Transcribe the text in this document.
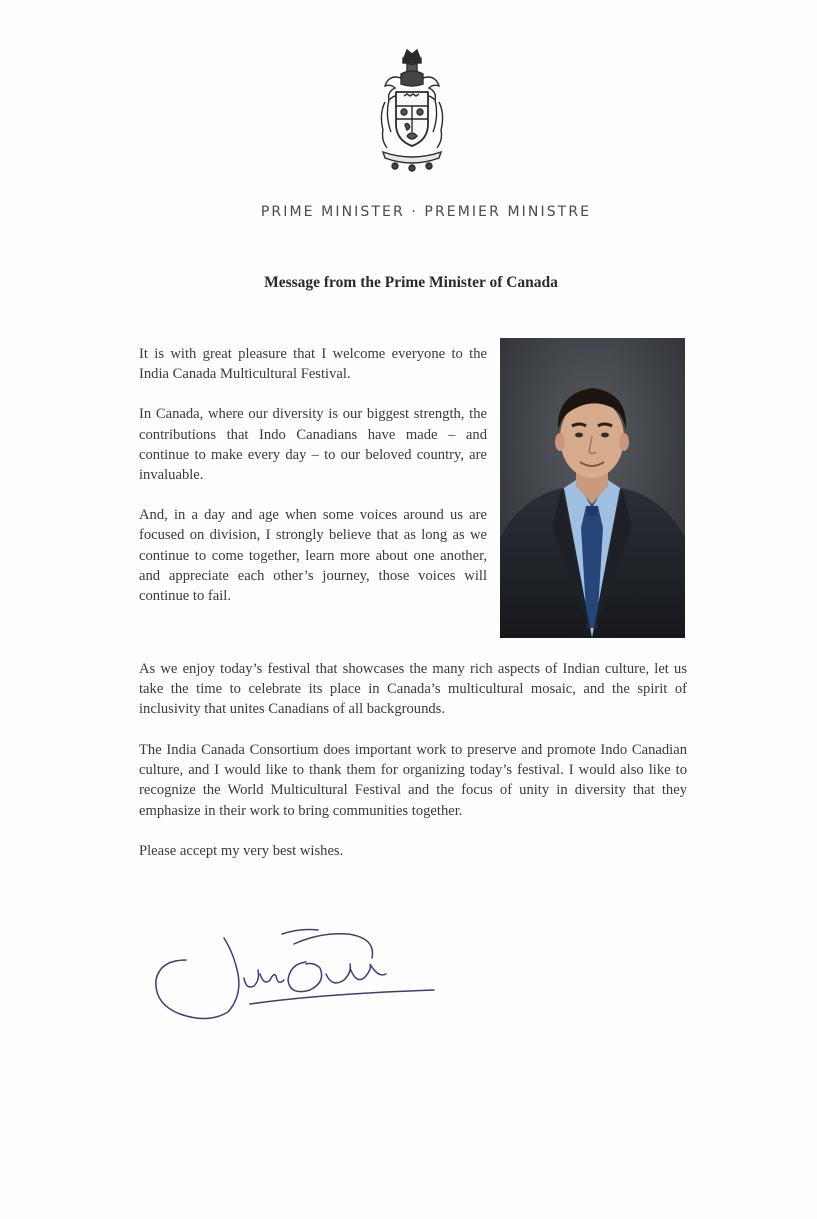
PRIME MINISTER · PREMIER MINISTRE
Message from the Prime Minister of Canada

It is with great pleasure that I welcome everyone to the India Canada Multicultural Festival.

In Canada, where our diversity is our biggest strength, the contributions that Indo Canadians have made – and continue to make every day – to our beloved country, are invaluable.

And, in a day and age when some voices around us are focused on division, I strongly believe that as long as we continue to come together, learn more about one another, and appreciate each other’s journey, those voices will continue to fail.

As we enjoy today’s festival that showcases the many rich aspects of Indian culture, let us take the time to celebrate its place in Canada’s multicultural mosaic, and the spirit of inclusivity that unites Canadians of all backgrounds.

The India Canada Consortium does important work to preserve and promote Indo Canadian culture, and I would like to thank them for organizing today’s festival. I would also like to recognize the World Multicultural Festival and the focus of unity in diversity that they emphasize in their work to bring communities together.

Please accept my very best wishes.
